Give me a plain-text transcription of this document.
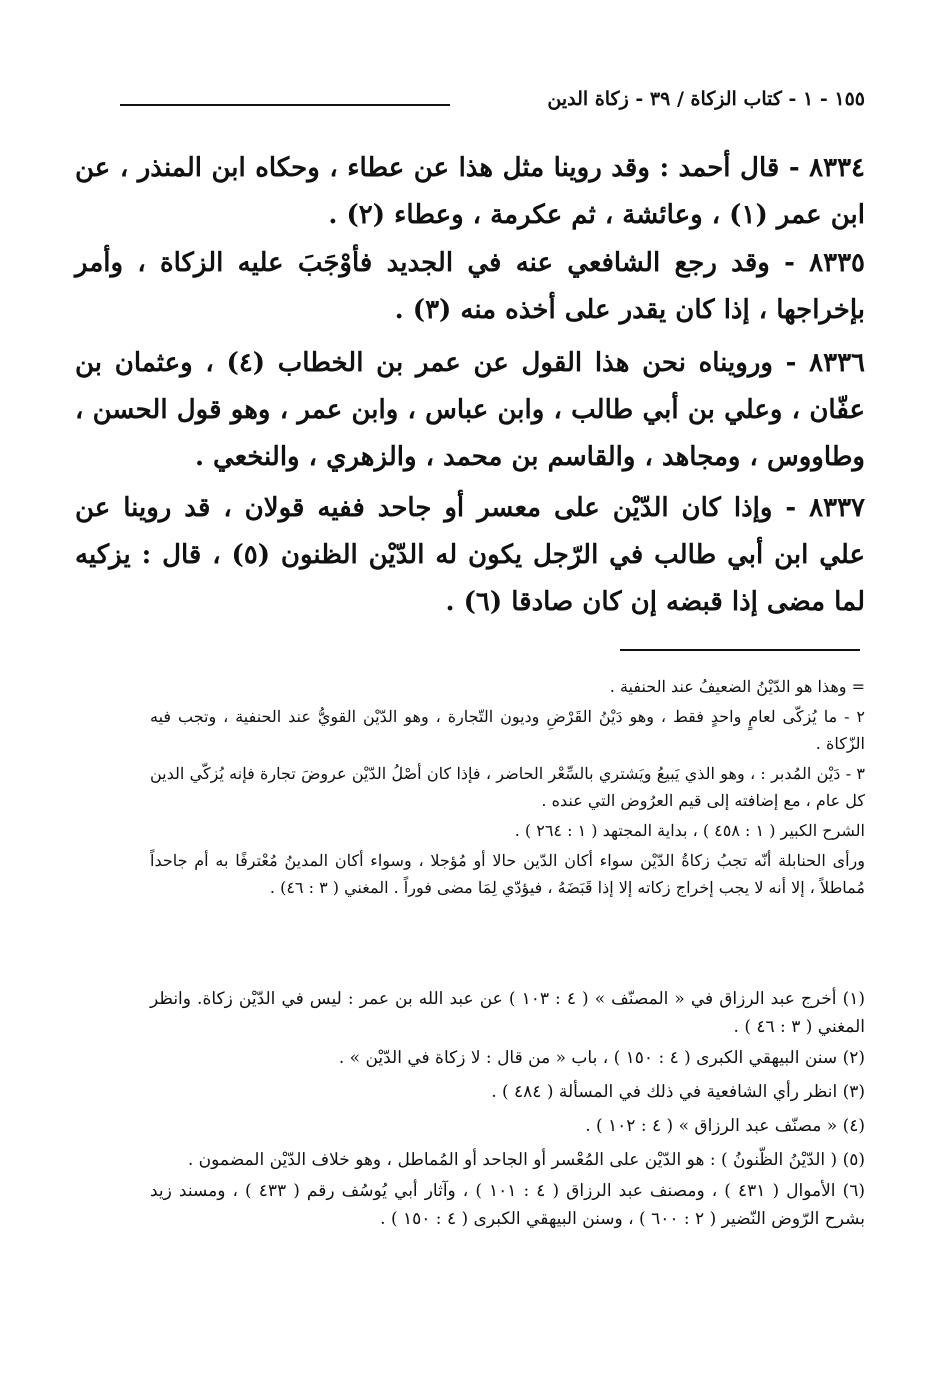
١٥٥ - ١ - كتاب الزكاة / ٣٩ - زكاة الدين
٨٣٣٤ - قال أحمد : وقد روينا مثل هذا عن عطاء ، وحكاه ابن المنذر ، عن ابن عمر (١) ، وعائشة ، ثم عكرمة ، وعطاء (٢) .
٨٣٣٥ - وقد رجع الشافعي عنه في الجديد فأوْجَبَ عليه الزكاة ، وأمر بإخراجها ، إذا كان يقدر على أخذه منه (٣) .
٨٣٣٦ - ورويناه نحن هذا القول عن عمر بن الخطاب (٤) ، وعثمان بن عفّان ، وعلي بن أبي طالب ، وابن عباس ، وابن عمر ، وهو قول الحسن ، وطاووس ، ومجاهد ، والقاسم بن محمد ، والزهري ، والنخعي .
٨٣٣٧ - وإذا كان الدّيْن على معسر أو جاحد ففيه قولان ، قد روينا عن علي ابن أبي طالب في الرّجل يكون له الدّيْن الظنون (٥) ، قال : يزكيه لما مضى إذا قبضه إن كان صادقا (٦) .

= وهذا هو الدّيْنُ الضعيفُ عند الحنفية .

٢ - ما يُزكّى لعامٍ واحدٍ فقط ، وهو دَيْنُ القَرْضِ وديون التّجارة ، وهو الدّيْن القويُّ عند الحنفية ، وتجب فيه الزّكاة .

٣ - دَيْن المُدبر : ، وهو الذي يَبيعُ ويَشتري بالسِّعْر الحاضر ، فإذا كان أصْلُ الدّيْن عروضَ تجارة فإنه يُزكّي الدين كل عام ، مع إضافته إلى قيم العرُوض التي عنده .

الشرح الكبير ( ١ : ٤٥٨ ) ، بداية المجتهد ( ١ : ٢٦٤ ) .

ورأى الحنابلة أنّه تجبُ زكاةُ الدّيْن سواء أكان الدّين حالا أو مُؤجلا ، وسواء أكان المدينُ مُعْترفًا به أم جاحداً مُماطلاً ، إلا أنه لا يجب إخراج زكاته إلا إذا قَبَضَهُ ، فيؤدّي لِمَا مضى فوراً . المغني ( ٣ : ٤٦) .

(١) أخرج عبد الرزاق في « المصنّف » ( ٤ : ١٠٣ ) عن عبد الله بن عمر : ليس في الدّيْن زكاة. وانظر المغني ( ٣ : ٤٦ ) .

(٢) سنن البيهقي الكبرى ( ٤ : ١٥٠ ) ، باب « من قال : لا زكاة في الدّيْن » .

(٣) انظر رأي الشافعية في ذلك في المسألة ( ٤٨٤ ) .

(٤) « مصنّف عبد الرزاق » ( ٤ : ١٠٢ ) .

(٥) ( الدّيْنُ الظّنونُ ) : هو الدّيْن على المُعْسر أو الجاحد أو المُماطل ، وهو خلاف الدّيْن المضمون .

(٦) الأموال ( ٤٣١ ) ، ومصنف عبد الرزاق ( ٤ : ١٠١ ) ، وآثار أبي يُوسُف رقم ( ٤٣٣ ) ، ومسند زيد بشرح الرّوض النّضير ( ٢ : ٦٠٠ ) ، وسنن البيهقي الكبرى ( ٤ : ١٥٠ ) .
